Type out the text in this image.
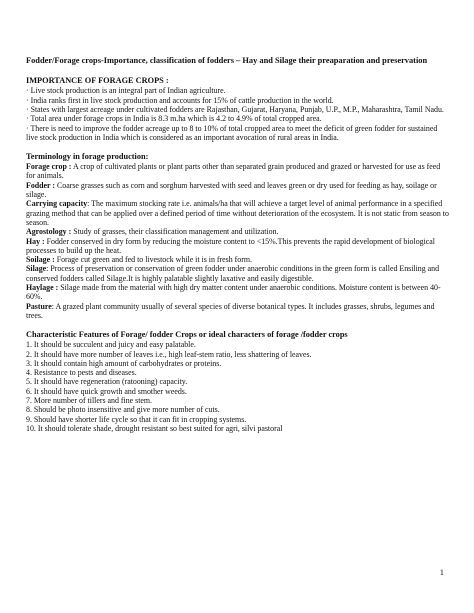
Fodder/Forage crops-Importance, classification of fodders – Hay and Silage their preaparation and preservation

IMPORTANCE OF FORAGE CROPS :

· Live stock production is an integral part of Indian agriculture.

· India ranks first in live stock production and accounts for 15% of cattle production in the world.

· States with largest acreage under cultivated fodders are Rajasthan, Gujarat, Haryana, Punjab, U.P., M.P., Maharashtra, Tamil Nadu.

· Total area under forage crops in India is 8.3 m.ha which is 4.2 to 4.9% of total cropped area.

· There is need to improve the fodder acreage up to 8 to 10% of total cropped area to meet the deficit of green fodder for sustained live stock production in India which is considered as an important avocation of rural areas in India.

Terminology in forage production:

Forage crop : A crop of cultivated plants or plant parts other than separated grain produced and grazed or harvested for use as feed for animals.

Fodder : Coarse grasses such as corn and sorghum harvested with seed and leaves green or dry used for feeding as hay, soilage or silage.

Carrying capacity: The maximum stocking rate i.e. animals/ha that will achieve a target level of animal performance in a specified grazing method that can be applied over a defined period of time without deterioration of the ecosystem. It is not static from season to season.

Agrostology : Study of grasses, their classification management and utilization.

Hay : Fodder conserved in dry form by reducing the moisture content to <15%.This prevents the rapid development of biological processes to build up the heat.

Soilage : Forage cut green and fed to livestock while it is in fresh form.

Silage: Process of preservation or conservation of green fodder under anaerobic conditions in the green form is called Ensiling and conserved fodders called Silage.It is highly palatable slightly laxative and easily digestible.

Haylage : Silage made from the material with high dry matter content under anaerobic conditions. Moisture content is between 40-60%.

Pasture: A grazed plant community usually of several species of diverse botanical types. It includes grasses, shrubs, legumes and trees.

Characteristic Features of Forage/ fodder Crops or ideal characters of forage /fodder crops

1. It should be succulent and juicy and easy palatable.

2. It should have more number of leaves i.e., high leaf-stem ratio, less shattering of leaves.

3. It should contain high amount of carbohydrates or proteins.

4. Resistance to pests and diseases.

5. It should have regeneration (ratooning) capacity.

6. It should have quick growth and smother weeds.

7. More number of tillers and fine stem.

8. Should be photo insensitive and give more number of cuts.

9. Should have shorter life cycle so that it can fit in cropping systems.

10. It should tolerate shade, drought resistant so best suited for agri, silvi pastoral

1
